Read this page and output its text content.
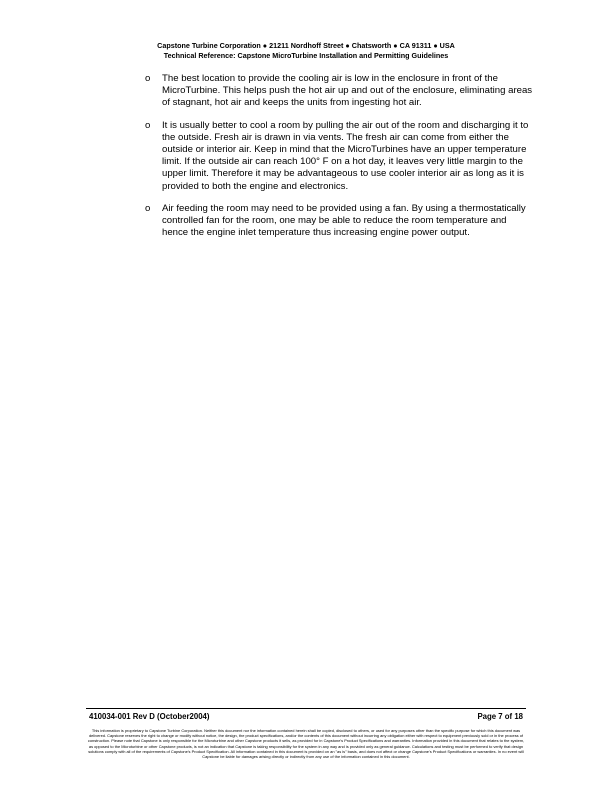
Capstone Turbine Corporation ● 21211 Nordhoff Street ● Chatsworth ● CA 91311 ● USA
Technical Reference: Capstone MicroTurbine Installation and Permitting Guidelines
o The best location to provide the cooling air is low in the enclosure in front of the MicroTurbine. This helps push the hot air up and out of the enclosure, eliminating areas of stagnant, hot air and keeps the units from ingesting hot air.
o It is usually better to cool a room by pulling the air out of the room and discharging it to the outside. Fresh air is drawn in via vents. The fresh air can come from either the outside or interior air. Keep in mind that the MicroTurbines have an upper temperature limit. If the outside air can reach 100° F on a hot day, it leaves very little margin to the upper limit. Therefore it may be advantageous to use cooler interior air as long as it is provided to both the engine and electronics.
o Air feeding the room may need to be provided using a fan. By using a thermostatically controlled fan for the room, one may be able to reduce the room temperature and hence the engine inlet temperature thus increasing engine power output.
410034-001 Rev D (October2004)	Page 7 of 18
This information is proprietary to Capstone Turbine Corporation. Neither this document nor the information contained herein shall be copied, disclosed to others, or used for any purposes other than the specific purpose for which this document was delivered. Capstone reserves the right to change or modify without notice, the design, the product specifications, and/or the contents of this document without incurring any obligation either with respect to equipment previously sold or in the process of construction. Please note that Capstone is only responsible for the Microturbine and other Capstone products it sells, as provided for in Capstone's Product Specifications and warranties. Information provided in this document that relates to the system, as opposed to the Microturbine or other Capstone products, is not an indication that Capstone is taking responsibility for the system in any way and is provided only as general guidance. Calculations and testing must be performed to verify that design solutions comply with all of the requirements of Capstone's Product Specification. All information contained in this document is provided on an "as is" basis, and does not affect or change Capstone's Product Specifications or warranties. In no event will Capstone be liable for damages arising directly or indirectly from any use of the information contained in this document.
